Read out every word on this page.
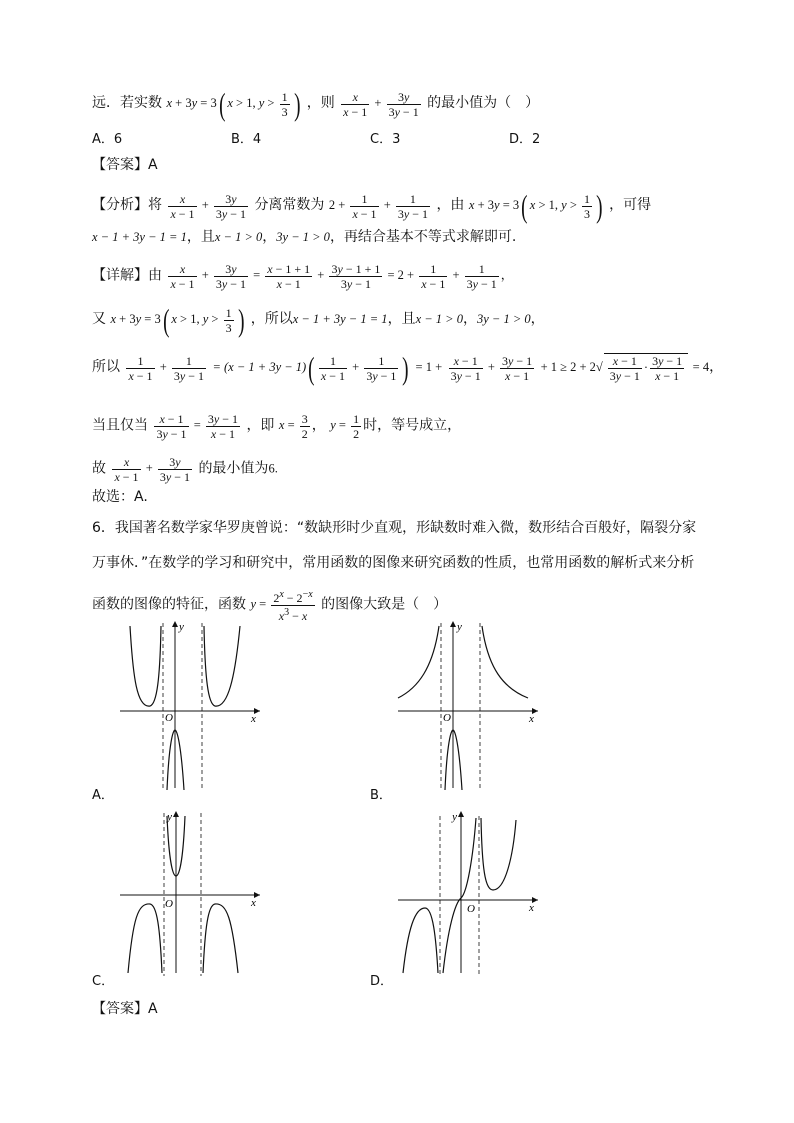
远．若实数 x + 3y = 3( x > 1, $y > \frac{1}{3}$ ) ，则 $\frac{x}{x - 1} + \frac{3y}{3y - 1}$ 的最小值为（　）
A．6	B．4	C．3	D．2
【答案】A
【分析】将 $\frac{x}{x - 1} + \frac{3y}{3y - 1}$ 分离常数为 $2 + \frac{1}{x - 1} + \frac{1}{3y - 1}$ ，由 x + 3y = 3( x > 1, $y > \frac{1}{3}$ ) ，可得
x − 1 + 3y − 1 = 1，且x − 1 > 0，3y − 1 > 0，再结合基本不等式求解即可.
【详解】由 $\frac{x}{x - 1} + \frac{3y}{3y - 1} = \frac{x - 1 + 1}{x - 1} + \frac{3y - 1 + 1}{3y - 1} = 2 + \frac{1}{x - 1} + \frac{1}{3y - 1}$ ，
又 x + 3y = 3( x > 1, $y > \frac{1}{3}$ ) ，所以x − 1 + 3y − 1 = 1，且x − 1 > 0，3y − 1 > 0，
所以 $\frac{1}{x - 1} + \frac{1}{3y - 1} = (x - 1 + 3y - 1)( \frac{1}{x - 1} + \frac{1}{3y - 1}$ ) = $1 + \frac{x - 1}{3y - 1} + \frac{3y - 1}{x - 1} + 1 \ge 2 + 2√ \frac{x - 1}{3y - 1} \cdot \frac{3y - 1}{x - 1} = 4$，
当且仅当 $\frac{x - 1}{3y - 1} = \frac{3y - 1}{x - 1}$ ，即 $x = \frac{3}{2}$ ， $y = \frac{1}{2}$ 时，等号成立，
故 $\frac{x}{x - 1} + \frac{3y}{3y - 1}$ 的最小值为6.
故选：A.
6．我国著名数学家华罗庚曾说：“数缺形时少直观，形缺数时难入微，数形结合百般好，隔裂分家
万事休．”在数学的学习和研究中，常用函数的图像来研究函数的性质，也常用函数的解析式来分析
函数的图像的特征，函数 $y = \frac{2^x - 2^{-x}}{x^3 - x}$ 的图像大致是（　）
x
y
O
A．
x
y
O
B．
x
y
O
C．
x
y
O
D．
【答案】A
